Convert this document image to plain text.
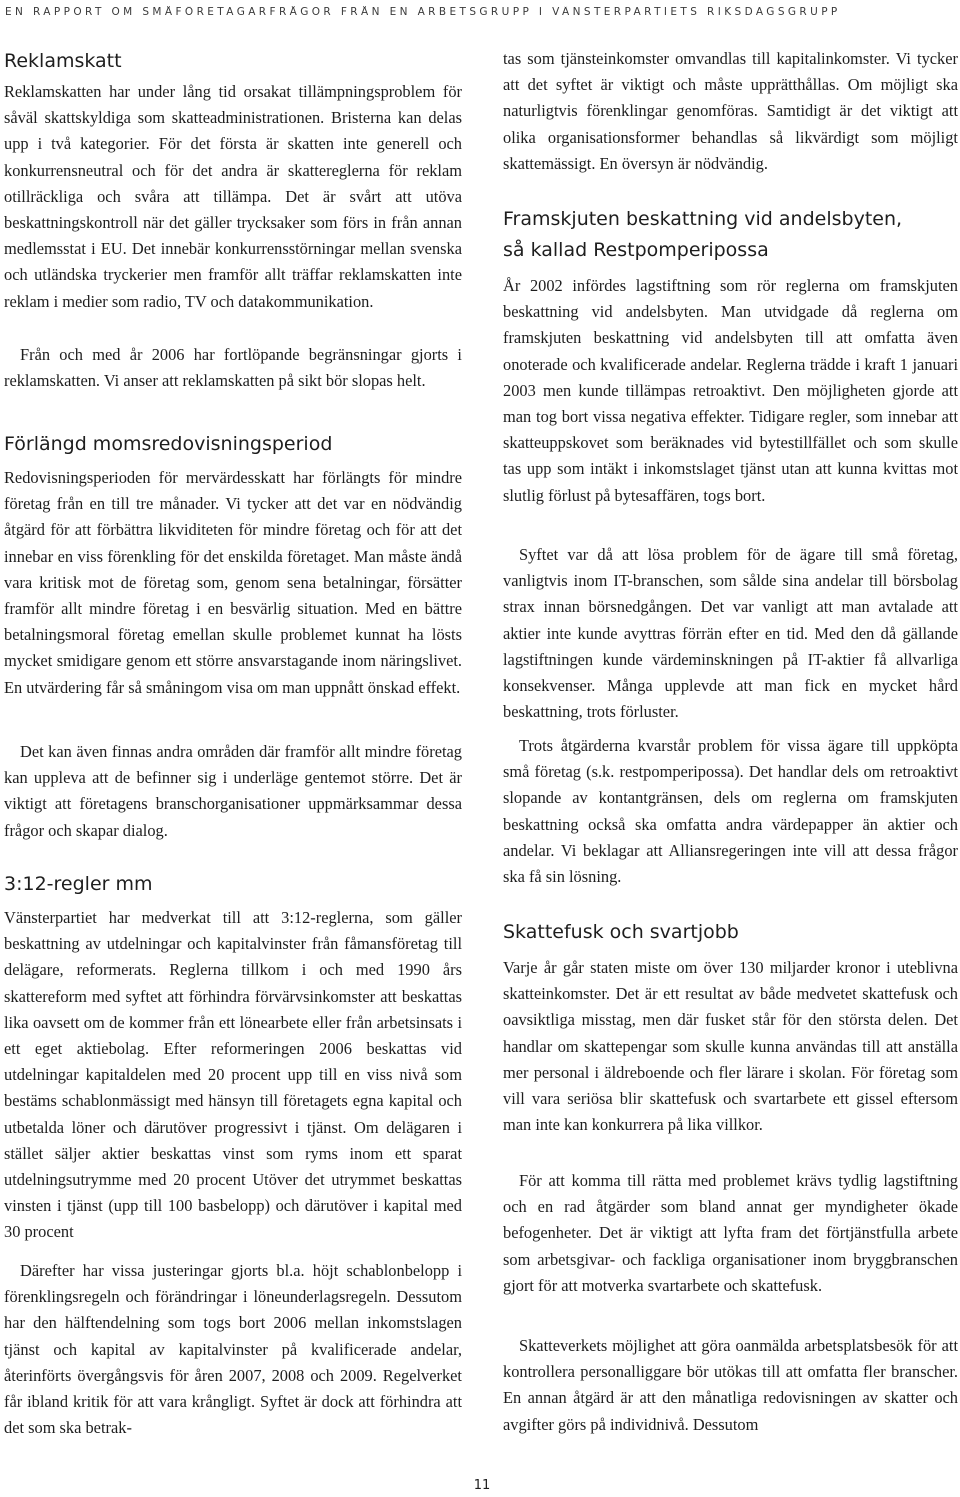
EN RAPPORT OM SMÅFÖRETAGARFRÅGOR FRÅN EN ARBETSGRUPP I VÄNSTERPARTIETS RIKSDAGSGRUPP
Reklamskatt

Reklamskatten har under lång tid orsakat tillämpningsproblem för såväl skattskyldiga som skatteadministrationen. Bristerna kan delas upp i två kategorier. För det första är skatten inte generell och konkurrensneutral och för det andra är skattereglerna för reklam otillräckliga och svåra att tillämpa. Det är svårt att utöva beskattningskontroll när det gäller trycksaker som förs in från annan medlemsstat i EU. Det innebär konkurrensstörningar mellan svenska och utländska tryckerier men framför allt träffar reklamskatten inte reklam i medier som radio, TV och datakommunikation.

Från och med år 2006 har fortlöpande begränsningar gjorts i reklamskatten. Vi anser att reklamskatten på sikt bör slopas helt.

Förlängd momsredovisningsperiod

Redovisningsperioden för mervärdesskatt har förlängts för mindre företag från en till tre månader. Vi tycker att det var en nödvändig åtgärd för att förbättra likviditeten för mindre företag och för att det innebar en viss förenkling för det enskilda företaget. Man måste ändå vara kritisk mot de företag som, genom sena betalningar, försätter framför allt mindre företag i en besvärlig situation. Med en bättre betalningsmoral företag emellan skulle problemet kunnat ha lösts mycket smidigare genom ett större ansvarstagande inom näringslivet. En utvärdering får så småningom visa om man uppnått önskad effekt.

Det kan även finnas andra områden där framför allt mindre företag kan uppleva att de befinner sig i underläge gentemot större. Det är viktigt att företagens branschorganisationer uppmärksammar dessa frågor och skapar dialog.

3:12-regler mm

Vänsterpartiet har medverkat till att 3:12-reglerna, som gäller beskattning av utdelningar och kapitalvinster från fåmansföretag till delägare, reformerats. Reglerna tillkom i och med 1990 års skattereform med syftet att förhindra förvärvsinkomster att beskattas lika oavsett om de kommer från ett lönearbete eller från arbetsinsats i ett eget aktiebolag. Efter reformeringen 2006 beskattas vid utdelningar kapitaldelen med 20 procent upp till en viss nivå som bestäms schablonmässigt med hänsyn till företagets egna kapital och utbetalda löner och därutöver progressivt i tjänst. Om delägaren i stället säljer aktier beskattas vinst som ryms inom ett sparat utdelningsutrymme med 20 procent Utöver det utrymmet beskattas vinsten i tjänst (upp till 100 basbelopp) och därutöver i kapital med 30 procent

Därefter har vissa justeringar gjorts bl.a. höjt schablonbelopp i förenklingsregeln och förändringar i löneunderlagsregeln. Dessutom har den hälftendelning som togs bort 2006 mellan inkomstslagen tjänst och kapital av kapitalvinster på kvalificerade andelar, återinförts övergångsvis för åren 2007, 2008 och 2009. Regelverket får ibland kritik för att vara krångligt. Syftet är dock att förhindra att det som ska betrak-

tas som tjänsteinkomster omvandlas till kapitalinkomster. Vi tycker att det syftet är viktigt och måste upprätthållas. Om möjligt ska naturligtvis förenklingar genomföras. Samtidigt är det viktigt att olika organisationsformer behandlas så likvärdigt som möjligt skattemässigt. En översyn är nödvändig.

Framskjuten beskattning vid andelsbyten,
så kallad Restpomperipossa

År 2002 infördes lagstiftning som rör reglerna om framskjuten beskattning vid andelsbyten. Man utvidgade då reglerna om framskjuten beskattning vid andelsbyten till att omfatta även onoterade och kvalificerade andelar. Reglerna trädde i kraft 1 januari 2003 men kunde tillämpas retroaktivt. Den möjligheten gjorde att man tog bort vissa negativa effekter. Tidigare regler, som innebar att skatteuppskovet som beräknades vid bytestillfället och som skulle tas upp som intäkt i inkomstslaget tjänst utan att kunna kvittas mot slutlig förlust på bytesaffären, togs bort.

Syftet var då att lösa problem för de ägare till små företag, vanligtvis inom IT-branschen, som sålde sina andelar till börsbolag strax innan börsnedgången. Det var vanligt att man avtalade att aktier inte kunde avyttras förrän efter en tid. Med den då gällande lagstiftningen kunde värdeminskningen på IT-aktier få allvarliga konsekvenser. Många upplevde att man fick en mycket hård beskattning, trots förluster.

Trots åtgärderna kvarstår problem för vissa ägare till uppköpta små företag (s.k. restpomperipossa). Det handlar dels om retroaktivt slopande av kontantgränsen, dels om reglerna om framskjuten beskattning också ska omfatta andra värdepapper än aktier och andelar. Vi beklagar att Alliansregeringen inte vill att dessa frågor ska få sin lösning.

Skattefusk och svartjobb

Varje år går staten miste om över 130 miljarder kronor i uteblivna skatteinkomster. Det är ett resultat av både medvetet skattefusk och oavsiktliga misstag, men där fusket står för den största delen. Det handlar om skattepengar som skulle kunna användas till att anställa mer personal i äldreboende och fler lärare i skolan. För företag som vill vara seriösa blir skattefusk och svartarbete ett gissel eftersom man inte kan konkurrera på lika villkor.

För att komma till rätta med problemet krävs tydlig lagstiftning och en rad åtgärder som bland annat ger myndigheter ökade befogenheter. Det är viktigt att lyfta fram det förtjänstfulla arbete som arbetsgivar- och fackliga organisationer inom bryggbranschen gjort för att motverka svartarbete och skattefusk.

Skatteverkets möjlighet att göra oanmälda arbetsplatsbesök för att kontrollera personalliggare bör utökas till att omfatta fler branscher. En annan åtgärd är att den månatliga redovisningen av skatter och avgifter görs på individnivå. Dessutom

11
